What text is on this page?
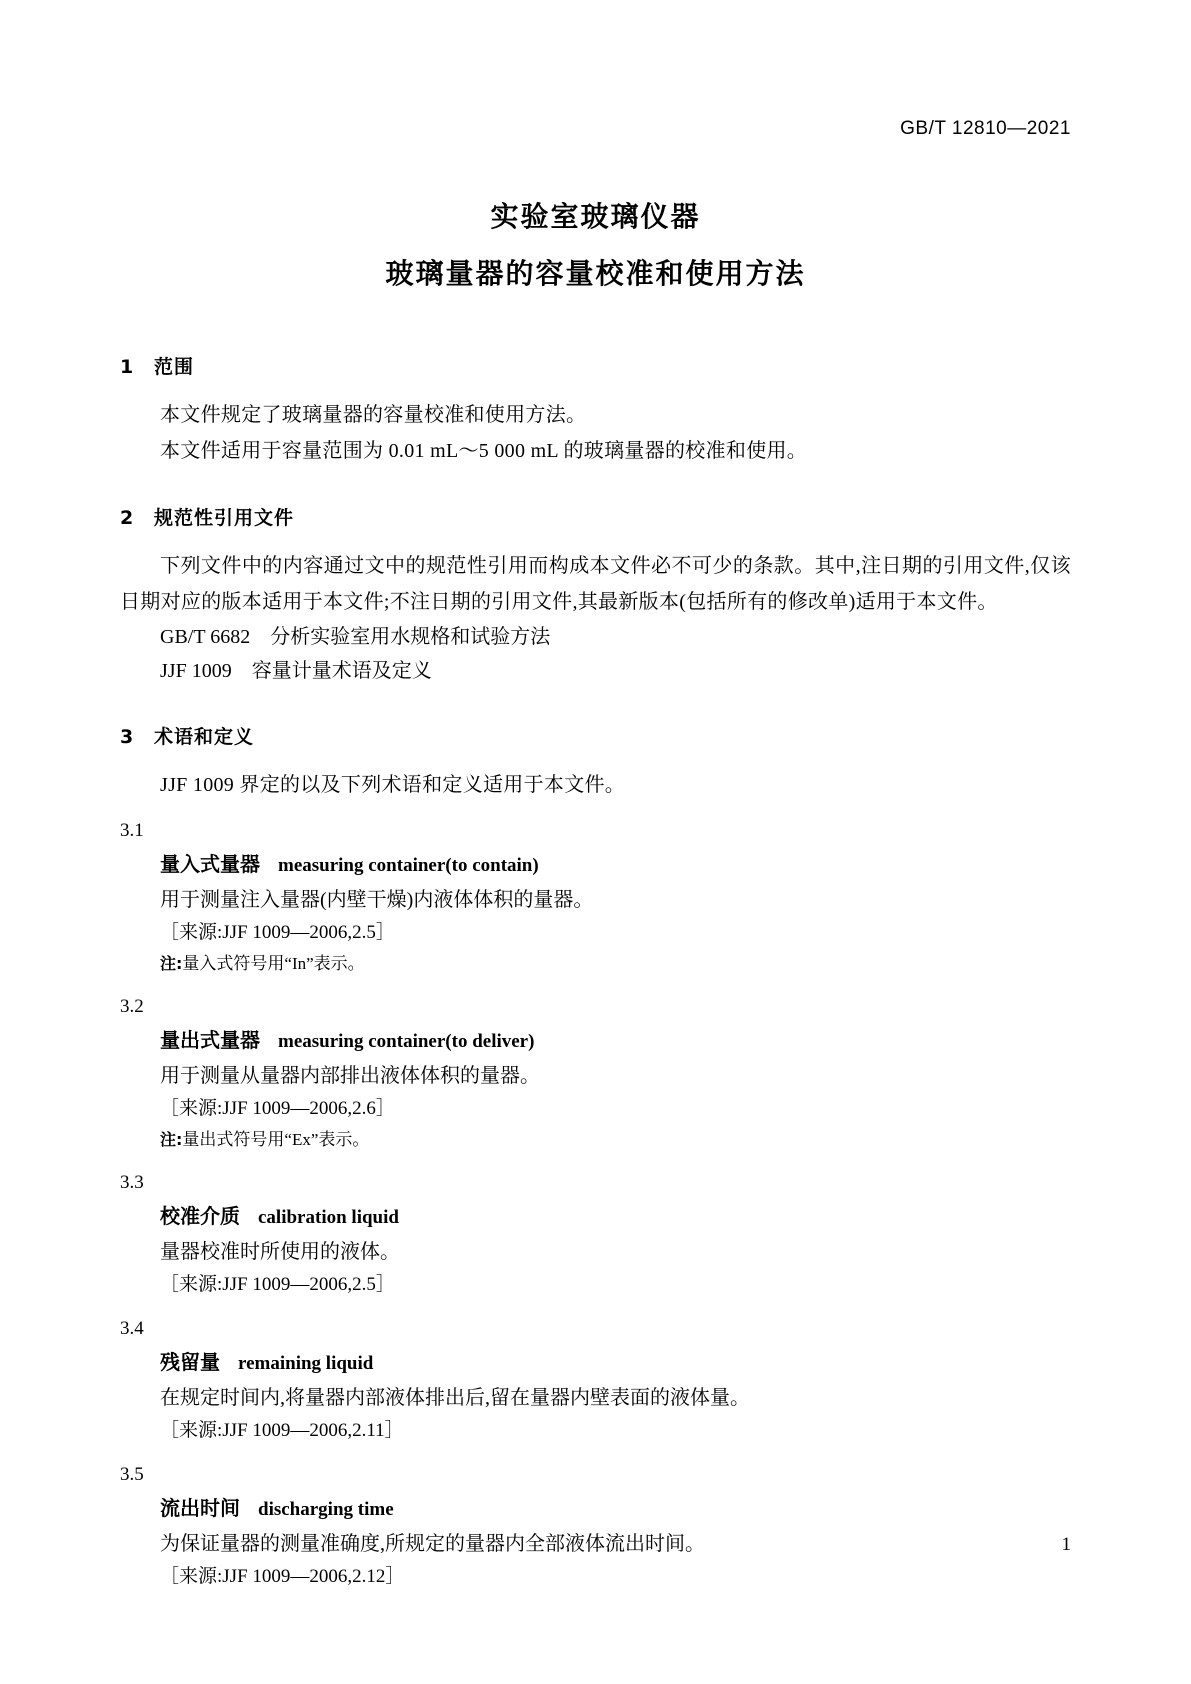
GB/T 12810—2021
实验室玻璃仪器
玻璃量器的容量校准和使用方法
1 范围
本文件规定了玻璃量器的容量校准和使用方法。
本文件适用于容量范围为 0.01 mL～5 000 mL 的玻璃量器的校准和使用。
2 规范性引用文件
下列文件中的内容通过文中的规范性引用而构成本文件必不可少的条款。其中,注日期的引用文件,仅该日期对应的版本适用于本文件;不注日期的引用文件,其最新版本(包括所有的修改单)适用于本文件。
GB/T 6682　分析实验室用水规格和试验方法
JJF 1009　容量计量术语及定义
3 术语和定义
JJF 1009 界定的以及下列术语和定义适用于本文件。
3.1
量入式量器 measuring container(to contain)
用于测量注入量器(内壁干燥)内液体体积的量器。
［来源:JJF 1009—2006,2.5］
注:量入式符号用“In”表示。
3.2
量出式量器 measuring container(to deliver)
用于测量从量器内部排出液体体积的量器。
［来源:JJF 1009—2006,2.6］
注:量出式符号用“Ex”表示。
3.3
校准介质 calibration liquid
量器校准时所使用的液体。
［来源:JJF 1009—2006,2.5］
3.4
残留量 remaining liquid
在规定时间内,将量器内部液体排出后,留在量器内壁表面的液体量。
［来源:JJF 1009—2006,2.11］
3.5
流出时间 discharging time
为保证量器的测量准确度,所规定的量器内全部液体流出时间。
［来源:JJF 1009—2006,2.12］
1
